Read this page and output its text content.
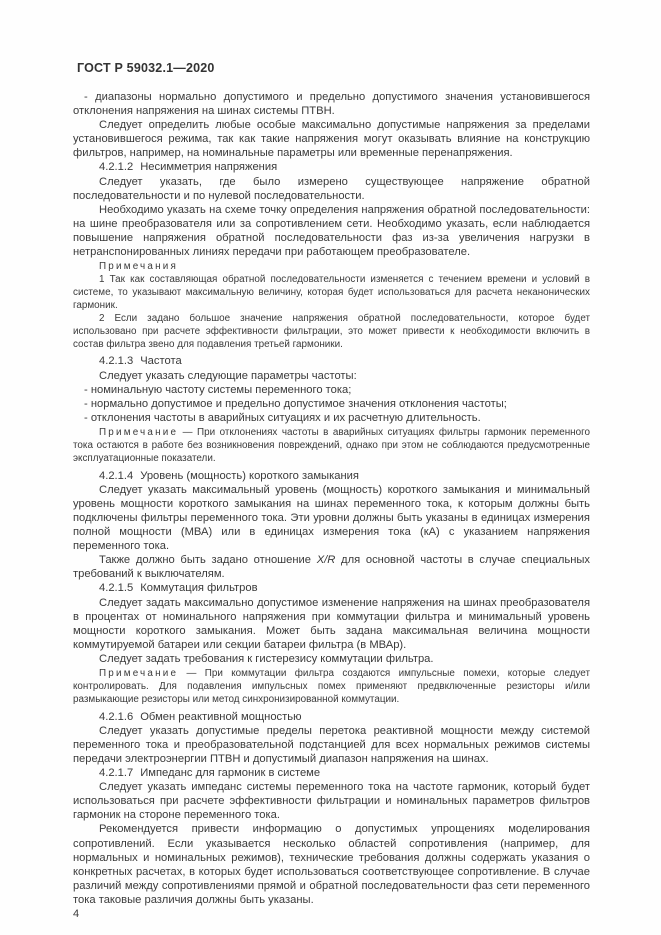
ГОСТ Р 59032.1—2020

- диапазоны нормально допустимого и предельно допустимого значения установившегося отклонения напряжения на шинах системы ПТВН.

Следует определить любые особые максимально допустимые напряжения за пределами установившегося режима, так как такие напряжения могут оказывать влияние на конструкцию фильтров, например, на номинальные параметры или временные перенапряжения.

4.2.1.2 Несимметрия напряжения

Следует указать, где было измерено существующее напряжение обратной последовательности и по нулевой последовательности.

Необходимо указать на схеме точку определения напряжения обратной последовательности: на шине преобразователя или за сопротивлением сети. Необходимо указать, если наблюдается повышение напряжения обратной последовательности фаз из-за увеличения нагрузки в нетранспонированных линиях передачи при работающем преобразователе.

Примечания

1 Так как составляющая обратной последовательности изменяется с течением времени и условий в системе, то указывают максимальную величину, которая будет использоваться для расчета неканонических гармоник.

2 Если задано большое значение напряжения обратной последовательности, которое будет использовано при расчете эффективности фильтрации, это может привести к необходимости включить в состав фильтра звено для подавления третьей гармоники.

4.2.1.3 Частота

Следует указать следующие параметры частоты:

- номинальную частоту системы переменного тока;

- нормально допустимое и предельно допустимое значения отклонения частоты;

- отклонения частоты в аварийных ситуациях и их расчетную длительность.

Примечание — При отклонениях частоты в аварийных ситуациях фильтры гармоник переменного тока остаются в работе без возникновения повреждений, однако при этом не соблюдаются предусмотренные эксплуатационные показатели.

4.2.1.4 Уровень (мощность) короткого замыкания

Следует указать максимальный уровень (мощность) короткого замыкания и минимальный уровень мощности короткого замыкания на шинах переменного тока, к которым должны быть подключены фильтры переменного тока. Эти уровни должны быть указаны в единицах измерения полной мощности (МВА) или в единицах измерения тока (кА) с указанием напряжения переменного тока.

Также должно быть задано отношение X/R для основной частоты в случае специальных требований к выключателям.

4.2.1.5 Коммутация фильтров

Следует задать максимально допустимое изменение напряжения на шинах преобразователя в процентах от номинального напряжения при коммутации фильтра и минимальный уровень мощности короткого замыкания. Может быть задана максимальная величина мощности коммутируемой батареи или секции батареи фильтра (в МВАр).

Следует задать требования к гистерезису коммутации фильтра.

Примечание — При коммутации фильтра создаются импульсные помехи, которые следует контролировать. Для подавления импульсных помех применяют предвключенные резисторы и/или размыкающие резисторы или метод синхронизированной коммутации.

4.2.1.6 Обмен реактивной мощностью

Следует указать допустимые пределы перетока реактивной мощности между системой переменного тока и преобразовательной подстанцией для всех нормальных режимов системы передачи электроэнергии ПТВН и допустимый диапазон напряжения на шинах.

4.2.1.7 Импеданс для гармоник в системе

Следует указать импеданс системы переменного тока на частоте гармоник, который будет использоваться при расчете эффективности фильтрации и номинальных параметров фильтров гармоник на стороне переменного тока.

Рекомендуется привести информацию о допустимых упрощениях моделирования сопротивлений. Если указывается несколько областей сопротивления (например, для нормальных и номинальных режимов), технические требования должны содержать указания о конкретных расчетах, в которых будет использоваться соответствующее сопротивление. В случае различий между сопротивлениями прямой и обратной последовательности фаз сети переменного тока таковые различия должны быть указаны.

4
